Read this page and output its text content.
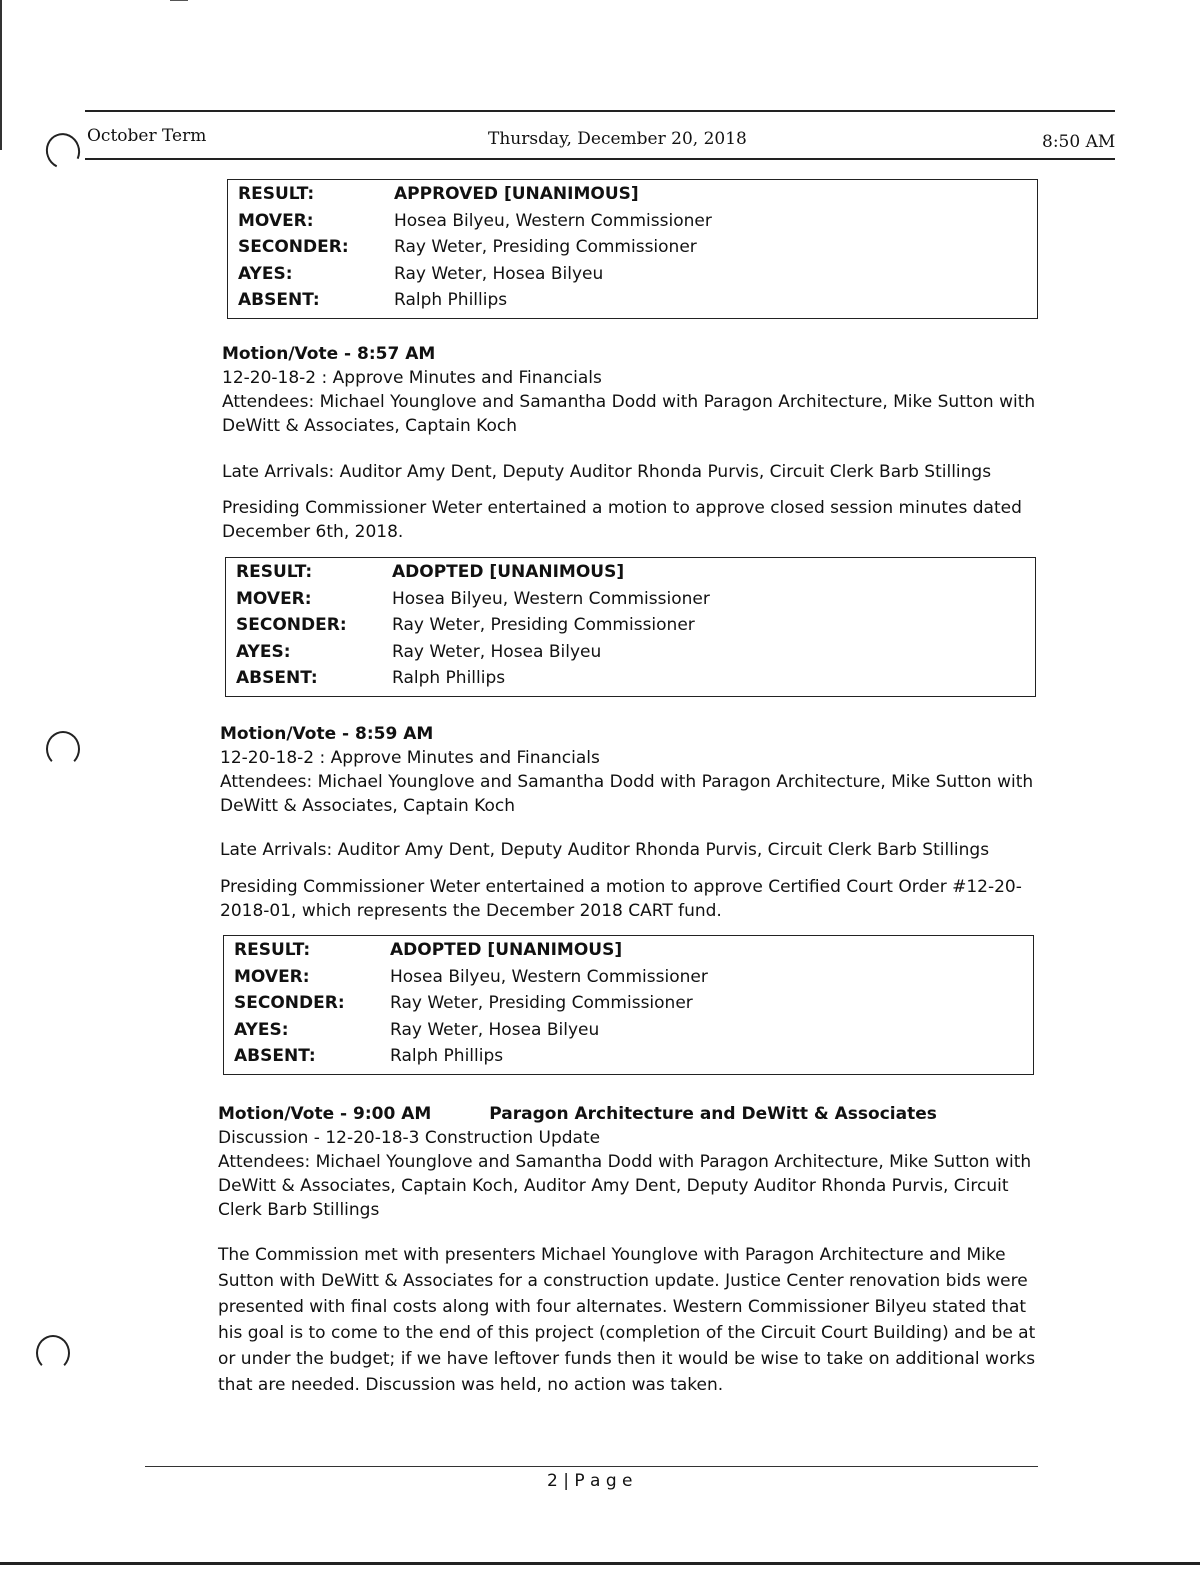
October Term	Thursday, December 20, 2018	8:50 AM
RESULT:	APPROVED [UNANIMOUS]
MOVER:	Hosea Bilyeu, Western Commissioner
SECONDER:	Ray Weter, Presiding Commissioner
AYES:	Ray Weter, Hosea Bilyeu
ABSENT:	Ralph Phillips
Motion/Vote - 8:57 AM
12-20-18-2 : Approve Minutes and Financials
Attendees: Michael Younglove and Samantha Dodd with Paragon Architecture, Mike Sutton with DeWitt & Associates, Captain Koch
Late Arrivals: Auditor Amy Dent, Deputy Auditor Rhonda Purvis, Circuit Clerk Barb Stillings
Presiding Commissioner Weter entertained a motion to approve closed session minutes dated December 6th, 2018.
RESULT:	ADOPTED [UNANIMOUS]
MOVER:	Hosea Bilyeu, Western Commissioner
SECONDER:	Ray Weter, Presiding Commissioner
AYES:	Ray Weter, Hosea Bilyeu
ABSENT:	Ralph Phillips
Motion/Vote - 8:59 AM
12-20-18-2 : Approve Minutes and Financials
Attendees: Michael Younglove and Samantha Dodd with Paragon Architecture, Mike Sutton with DeWitt & Associates, Captain Koch
Late Arrivals: Auditor Amy Dent, Deputy Auditor Rhonda Purvis, Circuit Clerk Barb Stillings
Presiding Commissioner Weter entertained a motion to approve Certified Court Order #12-20-2018-01, which represents the December 2018 CART fund.
RESULT:	ADOPTED [UNANIMOUS]
MOVER:	Hosea Bilyeu, Western Commissioner
SECONDER:	Ray Weter, Presiding Commissioner
AYES:	Ray Weter, Hosea Bilyeu
ABSENT:	Ralph Phillips
Motion/Vote - 9:00 AM	Paragon Architecture and DeWitt & Associates
Discussion - 12-20-18-3 Construction Update
Attendees: Michael Younglove and Samantha Dodd with Paragon Architecture, Mike Sutton with DeWitt & Associates, Captain Koch, Auditor Amy Dent, Deputy Auditor Rhonda Purvis, Circuit Clerk Barb Stillings
The Commission met with presenters Michael Younglove with Paragon Architecture and Mike Sutton with DeWitt & Associates for a construction update. Justice Center renovation bids were presented with final costs along with four alternates. Western Commissioner Bilyeu stated that his goal is to come to the end of this project (completion of the Circuit Court Building) and be at or under the budget; if we have leftover funds then it would be wise to take on additional works that are needed. Discussion was held, no action was taken.
2 | P a g e
